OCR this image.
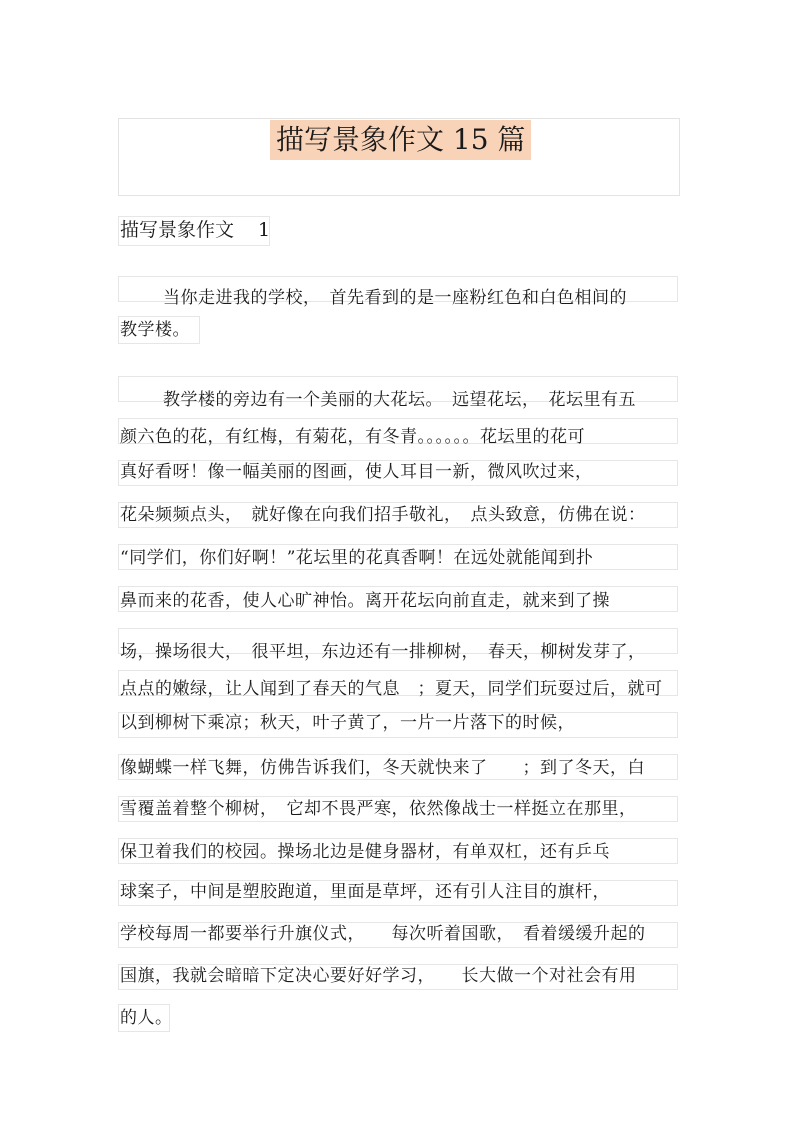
描写景象作文 15 篇
描写景象作文 1
当你走进我的学校，　首先看到的是一座粉红色和白色相间的
教学楼。
教学楼的旁边有一个美丽的大花坛。　远望花坛，　花坛里有五
颜六色的花，有红梅，有菊花，有冬青。。。。。。花坛里的花可
真好看呀！像一幅美丽的图画，使人耳目一新，微风吹过来，
花朵频频点头，　就好像在向我们招手敬礼，　点头致意，仿佛在说：
“同学们，你们好啊！”花坛里的花真香啊！在远处就能闻到扑
鼻而来的花香，使人心旷神怡。离开花坛向前直走，就来到了操
场，操场很大，　很平坦，东边还有一排柳树，　春天，柳树发芽了，
点点的嫩绿，让人闻到了春天的气息　；夏天，同学们玩耍过后，就可
以到柳树下乘凉；秋天，叶子黄了，一片一片落下的时候，
像蝴蝶一样飞舞，仿佛告诉我们，冬天就快来了　　；到了冬天，白
雪覆盖着整个柳树，　它却不畏严寒，依然像战士一样挺立在那里，
保卫着我们的校园。操场北边是健身器材，有单双杠，还有乒乓
球案子，中间是塑胶跑道，里面是草坪，还有引人注目的旗杆，
学校每周一都要举行升旗仪式，　　每次听着国歌，　看着缓缓升起的
国旗，我就会暗暗下定决心要好好学习，　　长大做一个对社会有用
的人。
